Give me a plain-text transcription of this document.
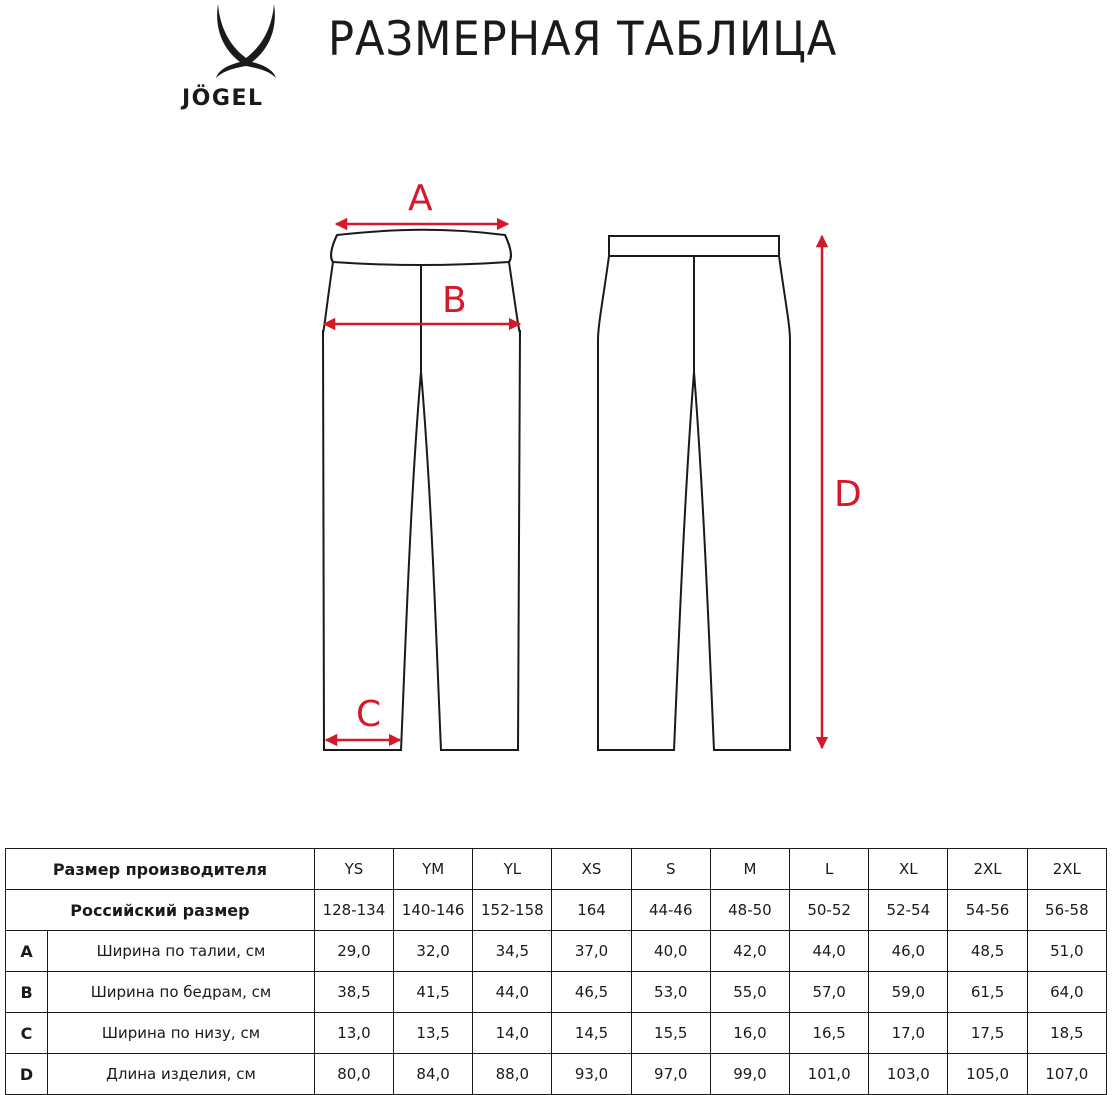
JÖGEL
РАЗМЕРНАЯ ТАБЛИЦА
A
B
C
D
Размер производителя		YS	YM	YL	XS	S	M	L	XL	2XL	2XL
Российский размер		128-134	140-146	152-158	164	44-46	48-50	50-52	52-54	54-56	56-58
A	Ширина по талии, см	29,0	32,0	34,5	37,0	40,0	42,0	44,0	46,0	48,5	51,0
B	Ширина по бедрам, см	38,5	41,5	44,0	46,5	53,0	55,0	57,0	59,0	61,5	64,0
C	Ширина по низу, см	13,0	13,5	14,0	14,5	15,5	16,0	16,5	17,0	17,5	18,5
D	Длина изделия, см	80,0	84,0	88,0	93,0	97,0	99,0	101,0	103,0	105,0	107,0
